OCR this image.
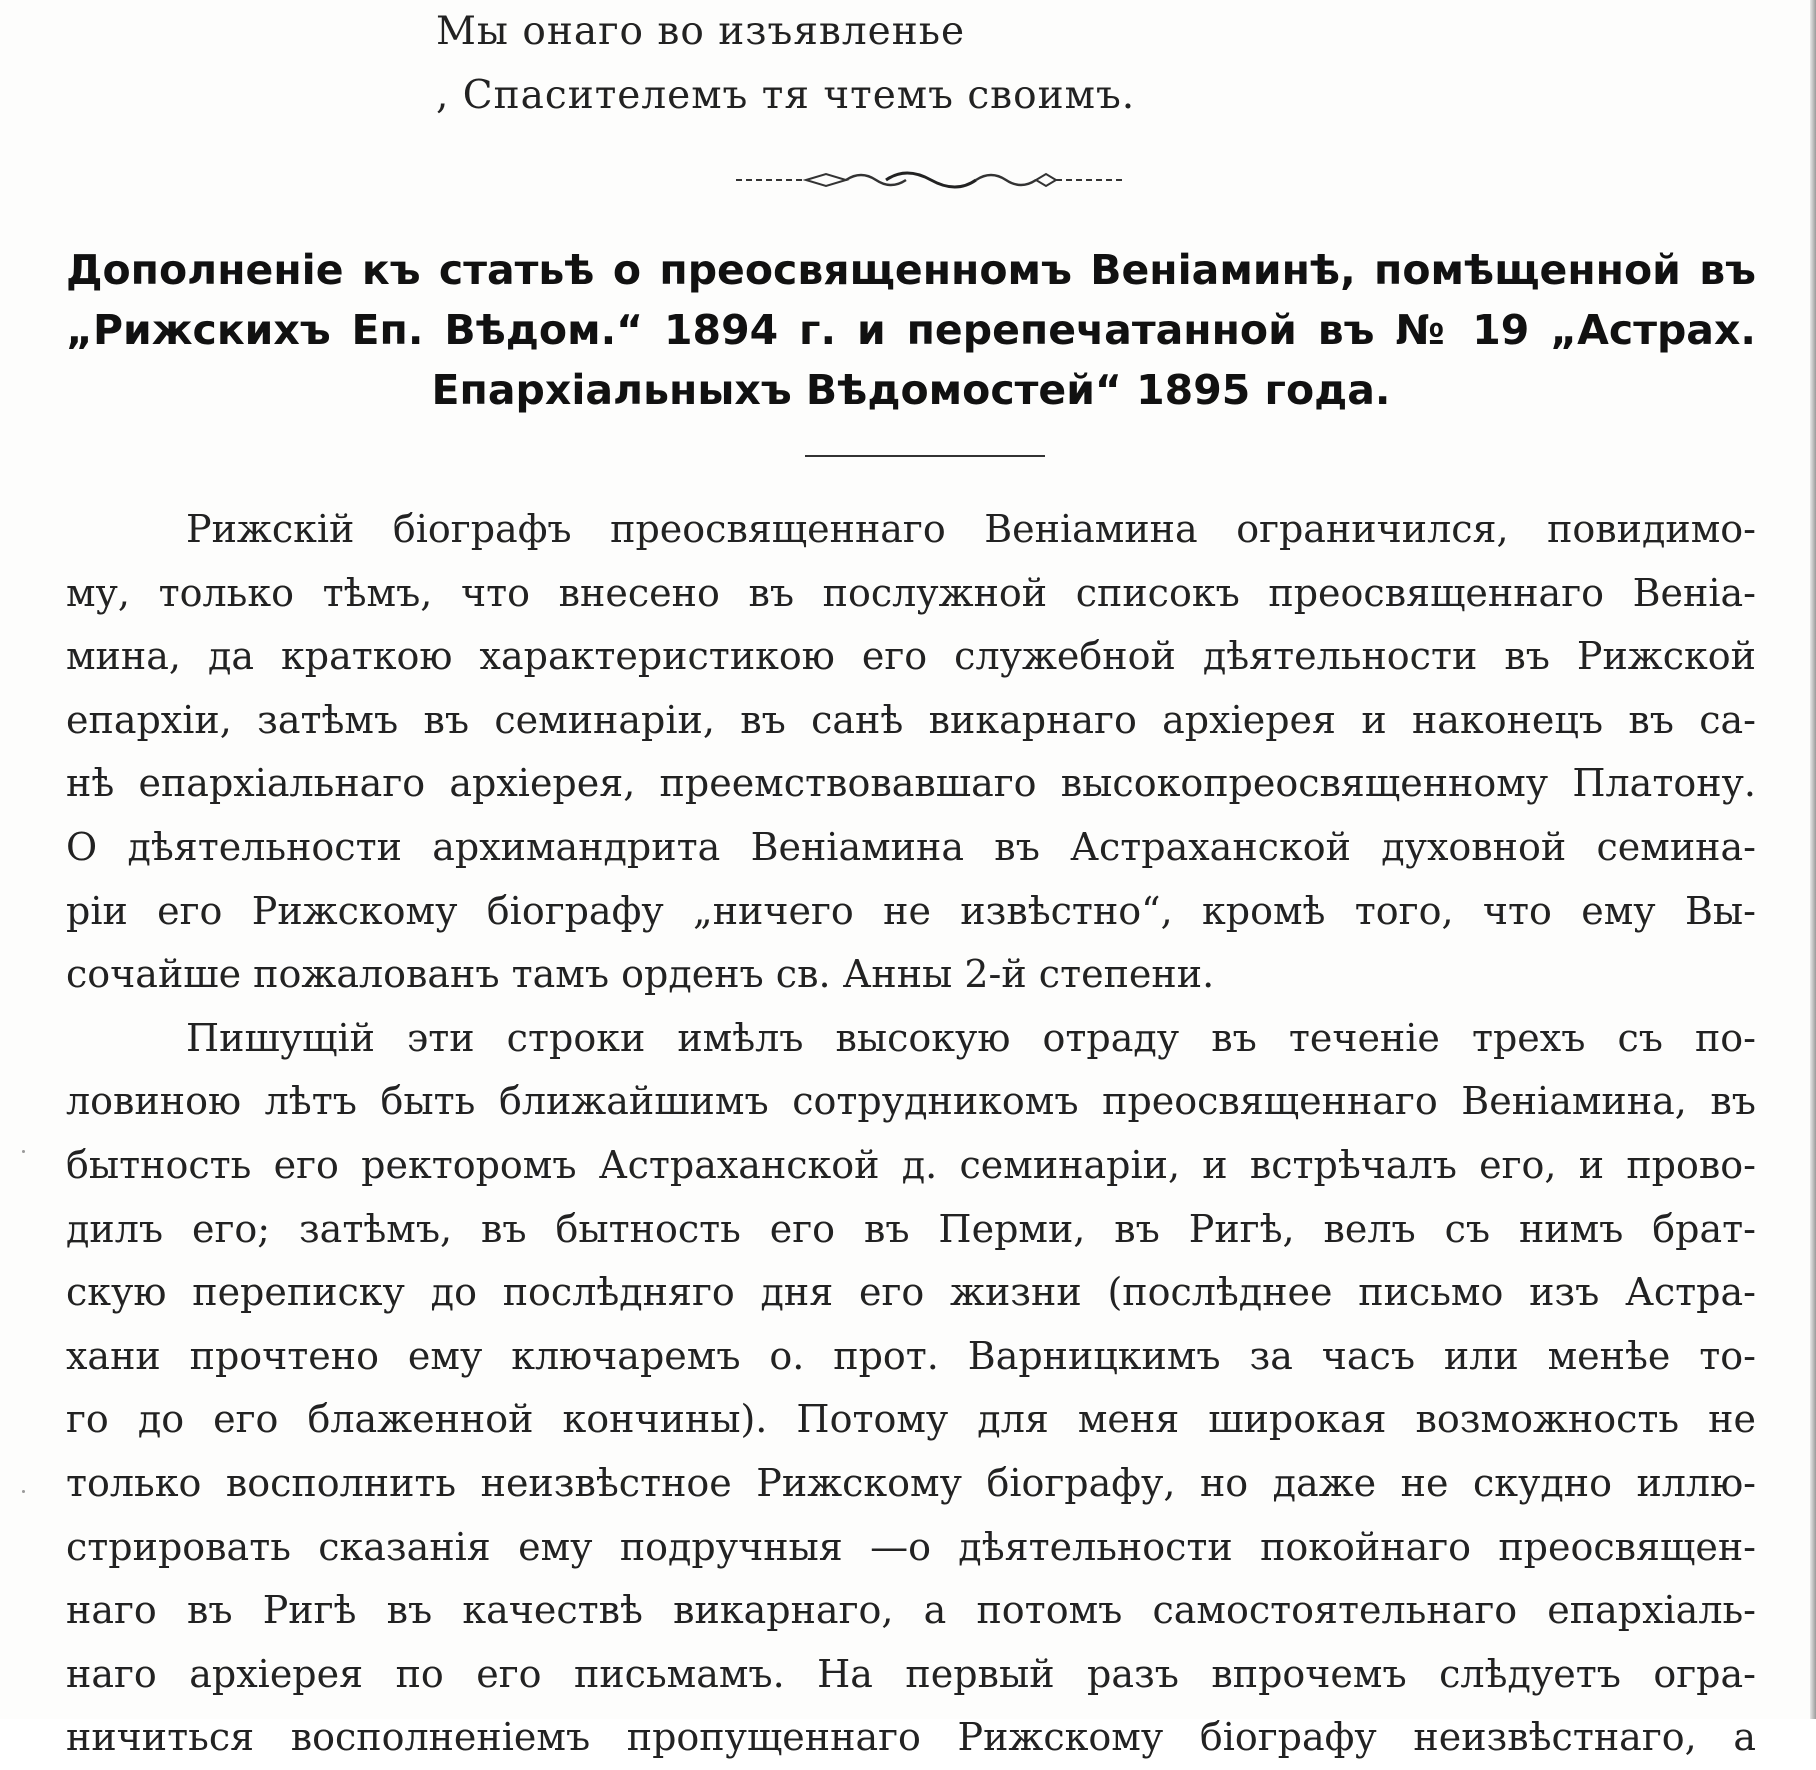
Мы онаго во изъявленье
, Спасителемъ тя чтемъ своимъ.
Дополненіе къ статьѣ о преосвященномъ Веніаминѣ, помѣщенной въ
„Рижскихъ Еп. Вѣдом.“ 1894 г. и перепечатанной въ № 19 „Астрах.
Епархіальныхъ Вѣдомостей“ 1895 года.
Рижскій біографъ преосвященнаго Веніамина ограничился, повидимо-
му, только тѣмъ, что внесено въ послужной списокъ преосвященнаго Веніа-
мина, да краткою характеристикою его служебной дѣятельности въ Рижской
епархіи, затѣмъ въ семинаріи, въ санѣ викарнаго архіерея и наконецъ въ са-
нѣ епархіальнаго архіерея, преемствовавшаго высокопреосвященному Платону.
О дѣятельности архимандрита Веніамина въ Астраханской духовной семина-
ріи его Рижскому біографу „ничего не извѣстно“, кромѣ того, что ему Вы-
сочайше пожалованъ тамъ орденъ св. Анны 2-й степени.
Пишущій эти строки имѣлъ высокую отраду въ теченіе трехъ съ по-
ловиною лѣтъ быть ближайшимъ сотрудникомъ преосвященнаго Веніамина, въ
бытность его ректоромъ Астраханской д. семинаріи, и встрѣчалъ его, и прово-
дилъ его; затѣмъ, въ бытность его въ Перми, въ Ригѣ, велъ съ нимъ брат-
скую переписку до послѣдняго дня его жизни (послѣднее письмо изъ Астра-
хани прочтено ему ключаремъ о. прот. Варницкимъ за часъ или менѣе то-
го до его блаженной кончины). Потому для меня широкая возможность не
только восполнить неизвѣстное Рижскому біографу, но даже не скудно иллю-
стрировать сказанія ему подручныя —о дѣятельности покойнаго преосвящен-
наго въ Ригѣ въ качествѣ викарнаго, а потомъ самостоятельнаго епархіаль-
наго архіерея по его письмамъ. На первый разъ впрочемъ слѣдуетъ огра-
ничиться восполненіемъ пропущеннаго Рижскому біографу неизвѣстнаго, а
